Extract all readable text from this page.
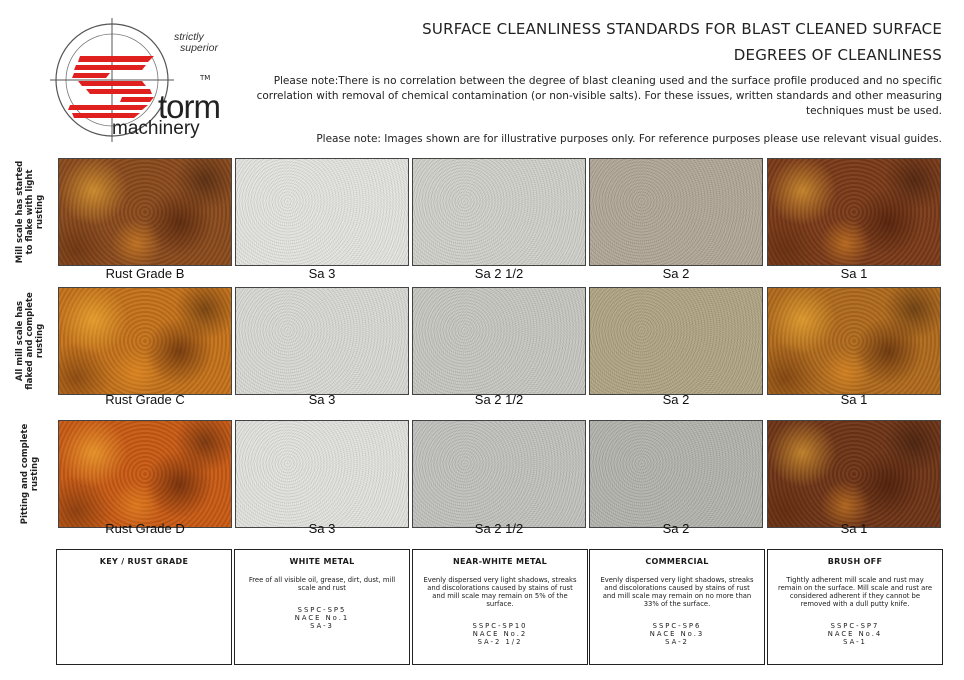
strictly
superior
TM
torm
machinery
SURFACE CLEANLINESS STANDARDS FOR BLAST CLEANED SURFACE
DEGREES OF CLEANLINESS
Please note:There is no correlation between the degree of blast cleaning used and the surface profile produced and no specific correlation with removal of chemical contamination (or non-visible salts). For these issues, written standards and other measuring techniques must be used.
Please note: Images shown are for illustrative purposes only. For reference purposes please use relevant visual guides.
Mill scale has started to flake with light rusting
Rust Grade B	Sa 3	Sa 2 1/2	Sa 2	Sa 1
All mill scale has flaked and complete rusting
Rust Grade C	Sa 3	Sa 2 1/2	Sa 2	Sa 1
Pitting and complete rusting
Rust Grade D	Sa 3	Sa 2 1/2	Sa 2	Sa 1
KEY / RUST GRADE	WHITE METAL
Free of all visible oil, grease, dirt, dust, mill scale and rust
SSPC-SP5
NACE No.1
SA-3
NEAR-WHITE METAL
Evenly dispersed very light shadows, streaks and discolorations caused by stains of rust and mill scale may remain on 5% of the surface.
SSPC-SP10
NACE No.2
SA-2 1/2
COMMERCIAL
Evenly dispersed very light shadows, streaks and discolorations caused by stains of rust and mill scale may remain on no more than 33% of the surface.
SSPC-SP6
NACE No.3
SA-2
BRUSH OFF
Tightly adherent mill scale and rust may remain on the surface. Mill scale and rust are considered adherent if they cannot be removed with a dull putty knife.
SSPC-SP7
NACE No.4
SA-1
